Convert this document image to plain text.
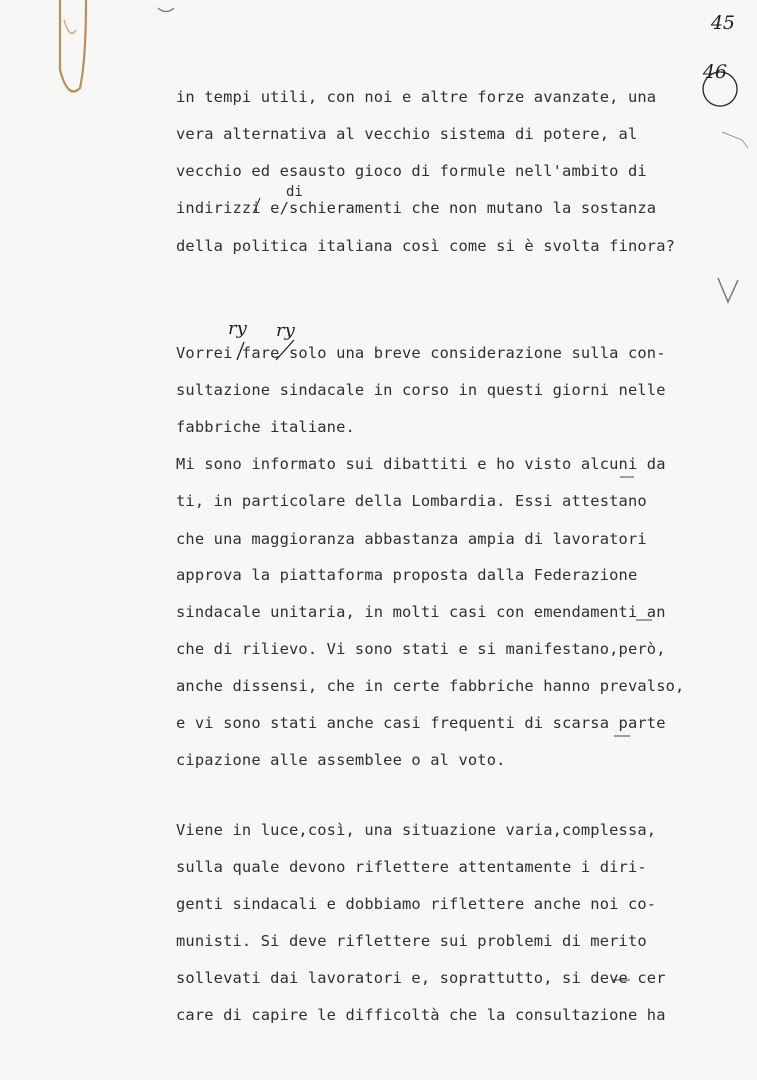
45
46
di
ry ry
in tempi utili, con noi e altre forze avanzate, una
vera alternativa al vecchio sistema di potere, al
vecchio ed esausto gioco di formule nell'ambito di
indirizzi e/schieramenti che non mutano la sostanza
della politica italiana così come si è svolta finora?
Vorrei fare solo una breve considerazione sulla con-
sultazione sindacale in corso in questi giorni nelle
fabbriche italiane.
Mi sono informato sui dibattiti e ho visto alcuni da
ti, in particolare della Lombardia. Essi attestano
che una maggioranza abbastanza ampia di lavoratori
approva la piattaforma proposta dalla Federazione
sindacale unitaria, in molti casi con emendamenti an
che di rilievo. Vi sono stati e si manifestano,però,
anche dissensi, che in certe fabbriche hanno prevalso,
e vi sono stati anche casi frequenti di scarsa parte
cipazione alle assemblee o al voto.
Viene in luce,così, una situazione varia,complessa,
sulla quale devono riflettere attentamente i diri-
genti sindacali e dobbiamo riflettere anche noi co-
munisti. Si deve riflettere sui problemi di merito
sollevati dai lavoratori e, soprattutto, si deve cer
care di capire le difficoltà che la consultazione ha
